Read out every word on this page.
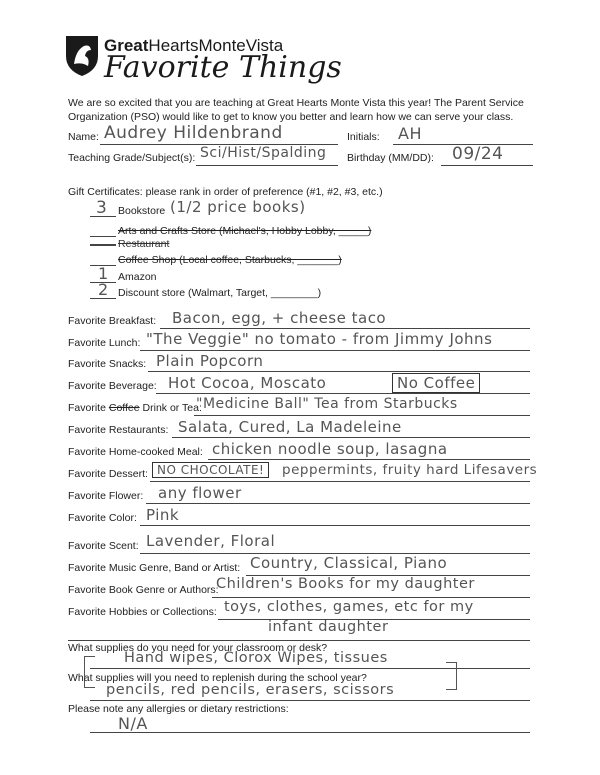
GreatHeartsMonteVista
Favorite Things
We are so excited that you are teaching at Great Hearts Monte Vista this year! The Parent Service Organization (PSO) would like to get to know you better and learn how we can serve your class.
Name: Audrey Hildenbrand	Initials: AH
Teaching Grade/Subject(s): Sci/Hist/Spalding Birthday (MM/DD): 09/24
Gift Certificates: please rank in order of preference (#1, #2, #3, etc.)
3 Bookstore (1/2 price books)
Arts and Crafts Store (Michael's, Hobby Lobby, _____)
Restaurant
Coffee Shop (Local coffee, Starbucks, _______)
1 Amazon
2 Discount store (Walmart, Target, ________)
Favorite Breakfast: Bacon, egg, + cheese taco
Favorite Lunch: "The Veggie" no tomato - from Jimmy Johns
Favorite Snacks: Plain Popcorn
Favorite Beverage: Hot Cocoa, Moscato	No Coffee
Favorite Coffee Drink or Tea:
"Medicine Ball" Tea from Starbucks
Favorite Restaurants: Salata, Cured, La Madeleine
Favorite Home-cooked Meal: chicken noodle soup, lasagna
Favorite Dessert: NO CHOCOLATE!	peppermints, fruity hard Lifesavers
Favorite Flower: any flower
Favorite Color: Pink
Favorite Scent: Lavender, Floral
Favorite Music Genre, Band or Artist: Country, Classical, Piano
Favorite Book Genre or Authors:
Children's Books for my daughter
Favorite Hobbies or Collections: toys, clothes, games, etc for my
infant daughter
What supplies do you need for your classroom or desk?
Hand wipes, Clorox Wipes, tissues
What supplies will you need to replenish during the school year?
pencils, red pencils, erasers, scissors
Please note any allergies or dietary restrictions:
N/A
